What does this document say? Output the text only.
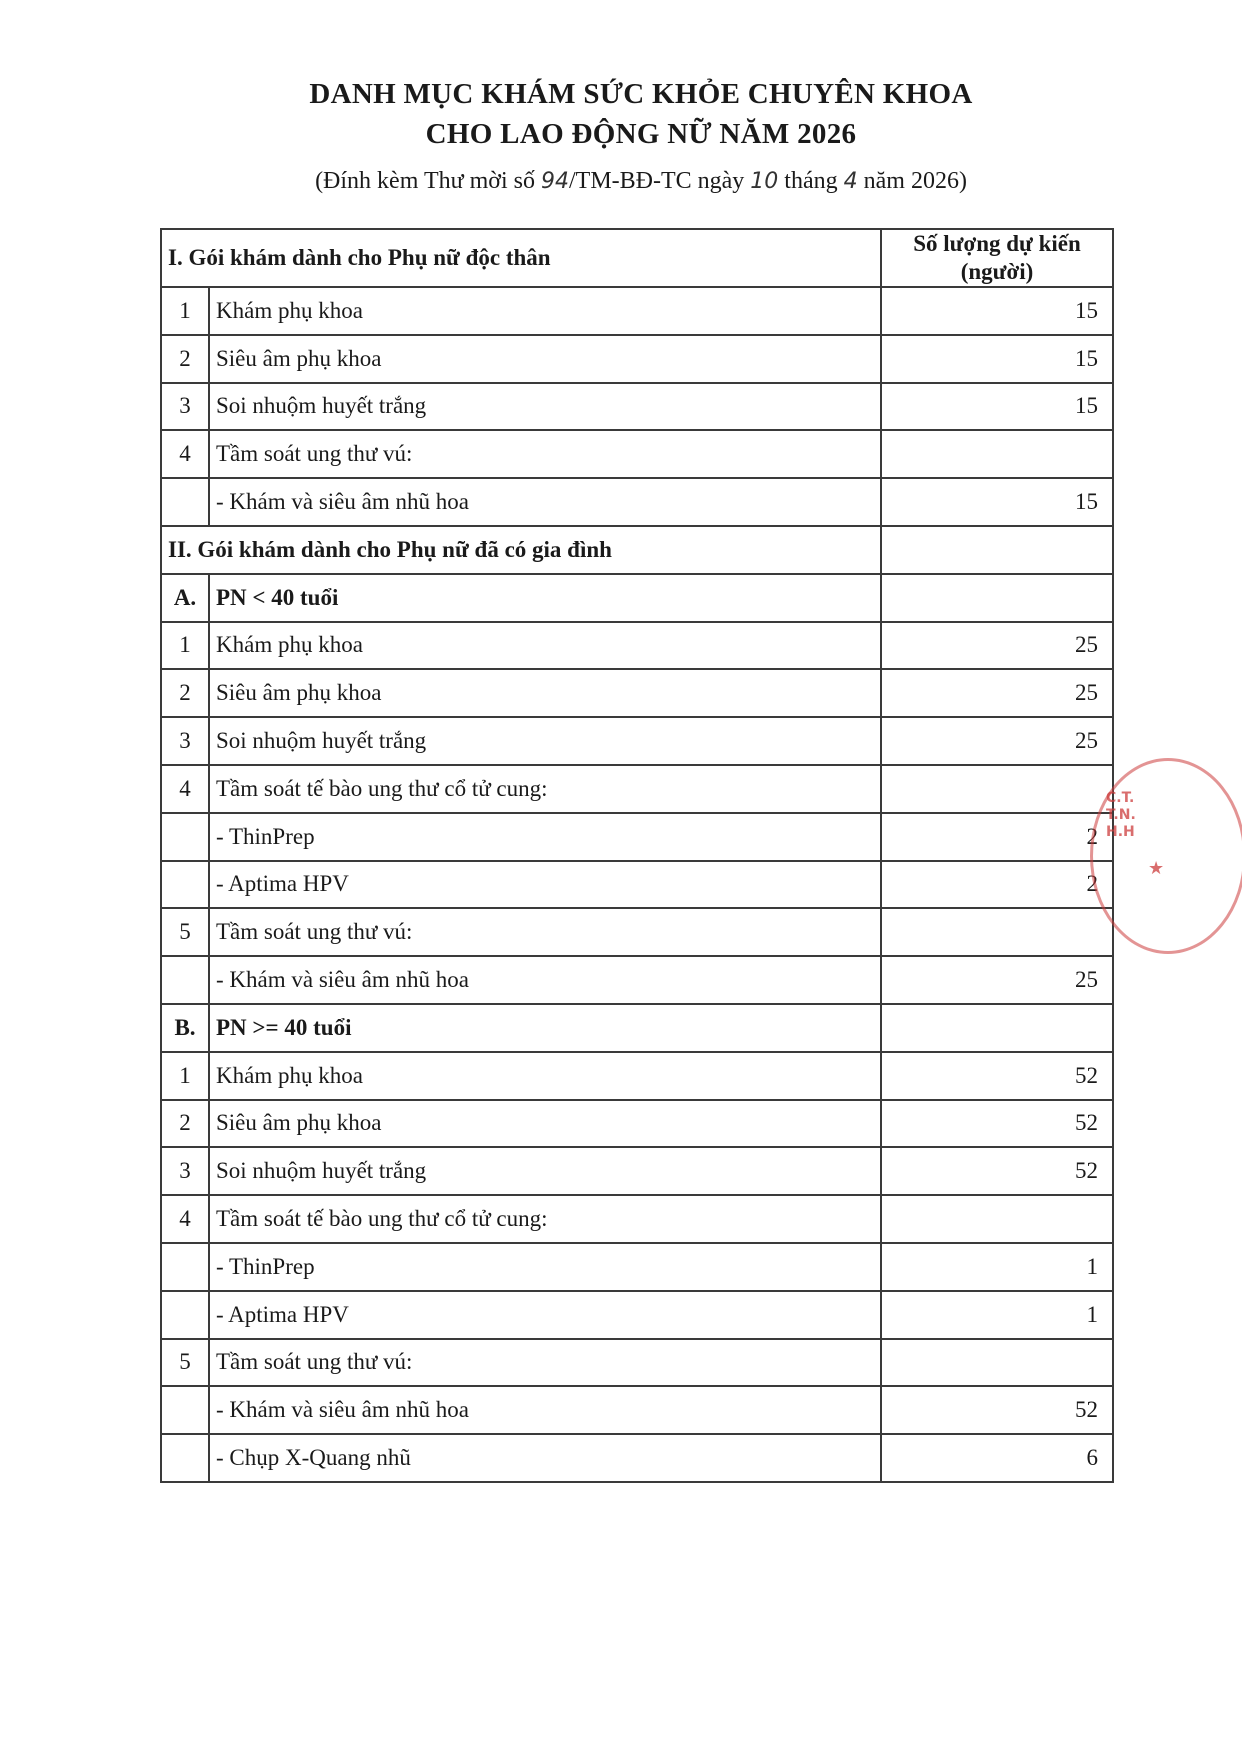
DANH MỤC KHÁM SỨC KHỎE CHUYÊN KHOA
CHO LAO ĐỘNG NỮ NĂM 2026
(Đính kèm Thư mời số 94/TM-BĐ-TC ngày 10 tháng 4 năm 2026)
I. Gói khám dành cho Phụ nữ độc thân		Số lượng dự kiến
(người)

1	Khám phụ khoa	15
2	Siêu âm phụ khoa	15
3	Soi nhuộm huyết trắng	15
4	Tầm soát ung thư vú:	
	- Khám và siêu âm nhũ hoa	15
II. Gói khám dành cho Phụ nữ đã có gia đình		
A.	PN < 40 tuổi	
1	Khám phụ khoa	25
2	Siêu âm phụ khoa	25
3	Soi nhuộm huyết trắng	25
4	Tầm soát tế bào ung thư cổ tử cung:	
	- ThinPrep	2
	- Aptima HPV	2
5	Tầm soát ung thư vú:	
	- Khám và siêu âm nhũ hoa	25
B.	PN >= 40 tuổi	
1	Khám phụ khoa	52
2	Siêu âm phụ khoa	52
3	Soi nhuộm huyết trắng	52
4	Tầm soát tế bào ung thư cổ tử cung:	
	- ThinPrep	1
	- Aptima HPV	1
5	Tầm soát ung thư vú:	
	- Khám và siêu âm nhũ hoa	52
	- Chụp X-Quang nhũ	6
C.T.T.N.H.H
★
